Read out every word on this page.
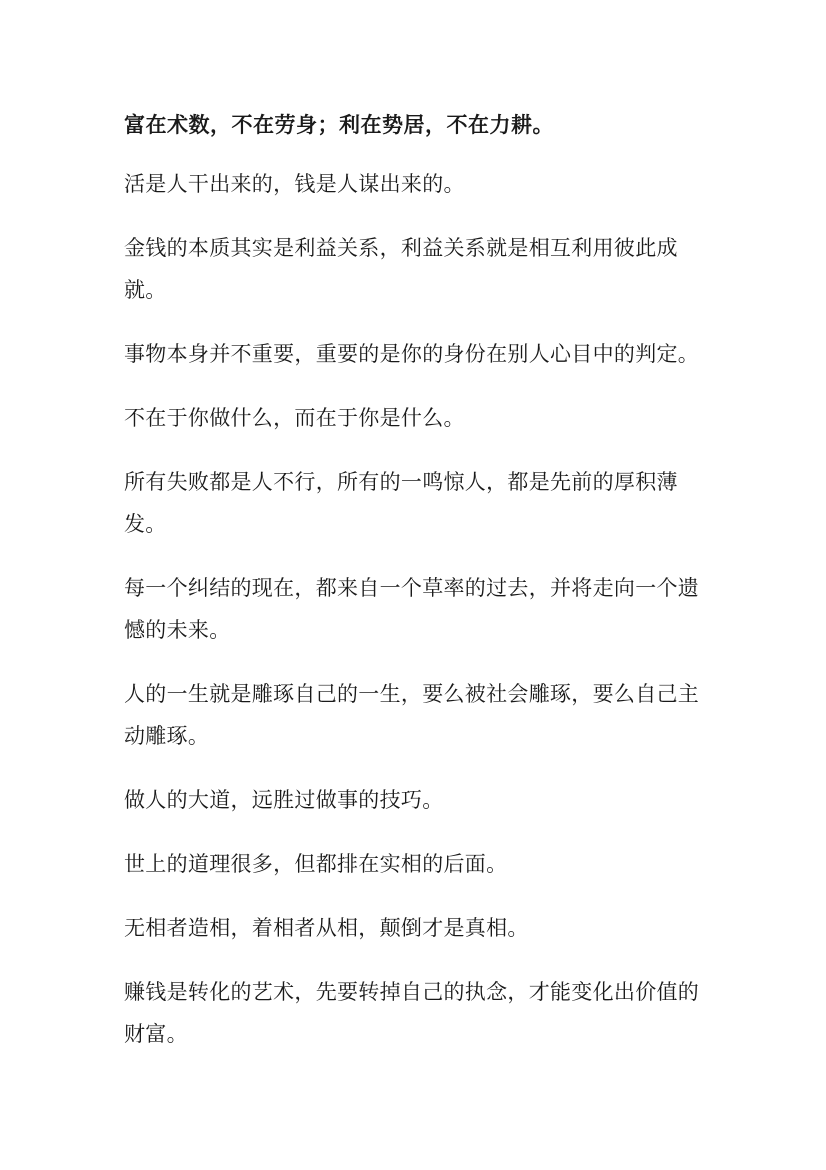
富在术数，不在劳身；利在势居，不在力耕。

活是人干出来的，钱是人谋出来的。

金钱的本质其实是利益关系，利益关系就是相互利用彼此成就。

事物本身并不重要，重要的是你的身份在别人心目中的判定。

不在于你做什么，而在于你是什么。

所有失败都是人不行，所有的一鸣惊人，都是先前的厚积薄发。

每一个纠结的现在，都来自一个草率的过去，并将走向一个遗憾的未来。

人的一生就是雕琢自己的一生，要么被社会雕琢，要么自己主动雕琢。

做人的大道，远胜过做事的技巧。

世上的道理很多，但都排在实相的后面。

无相者造相，着相者从相，颠倒才是真相。

赚钱是转化的艺术，先要转掉自己的执念，才能变化出价值的财富。
